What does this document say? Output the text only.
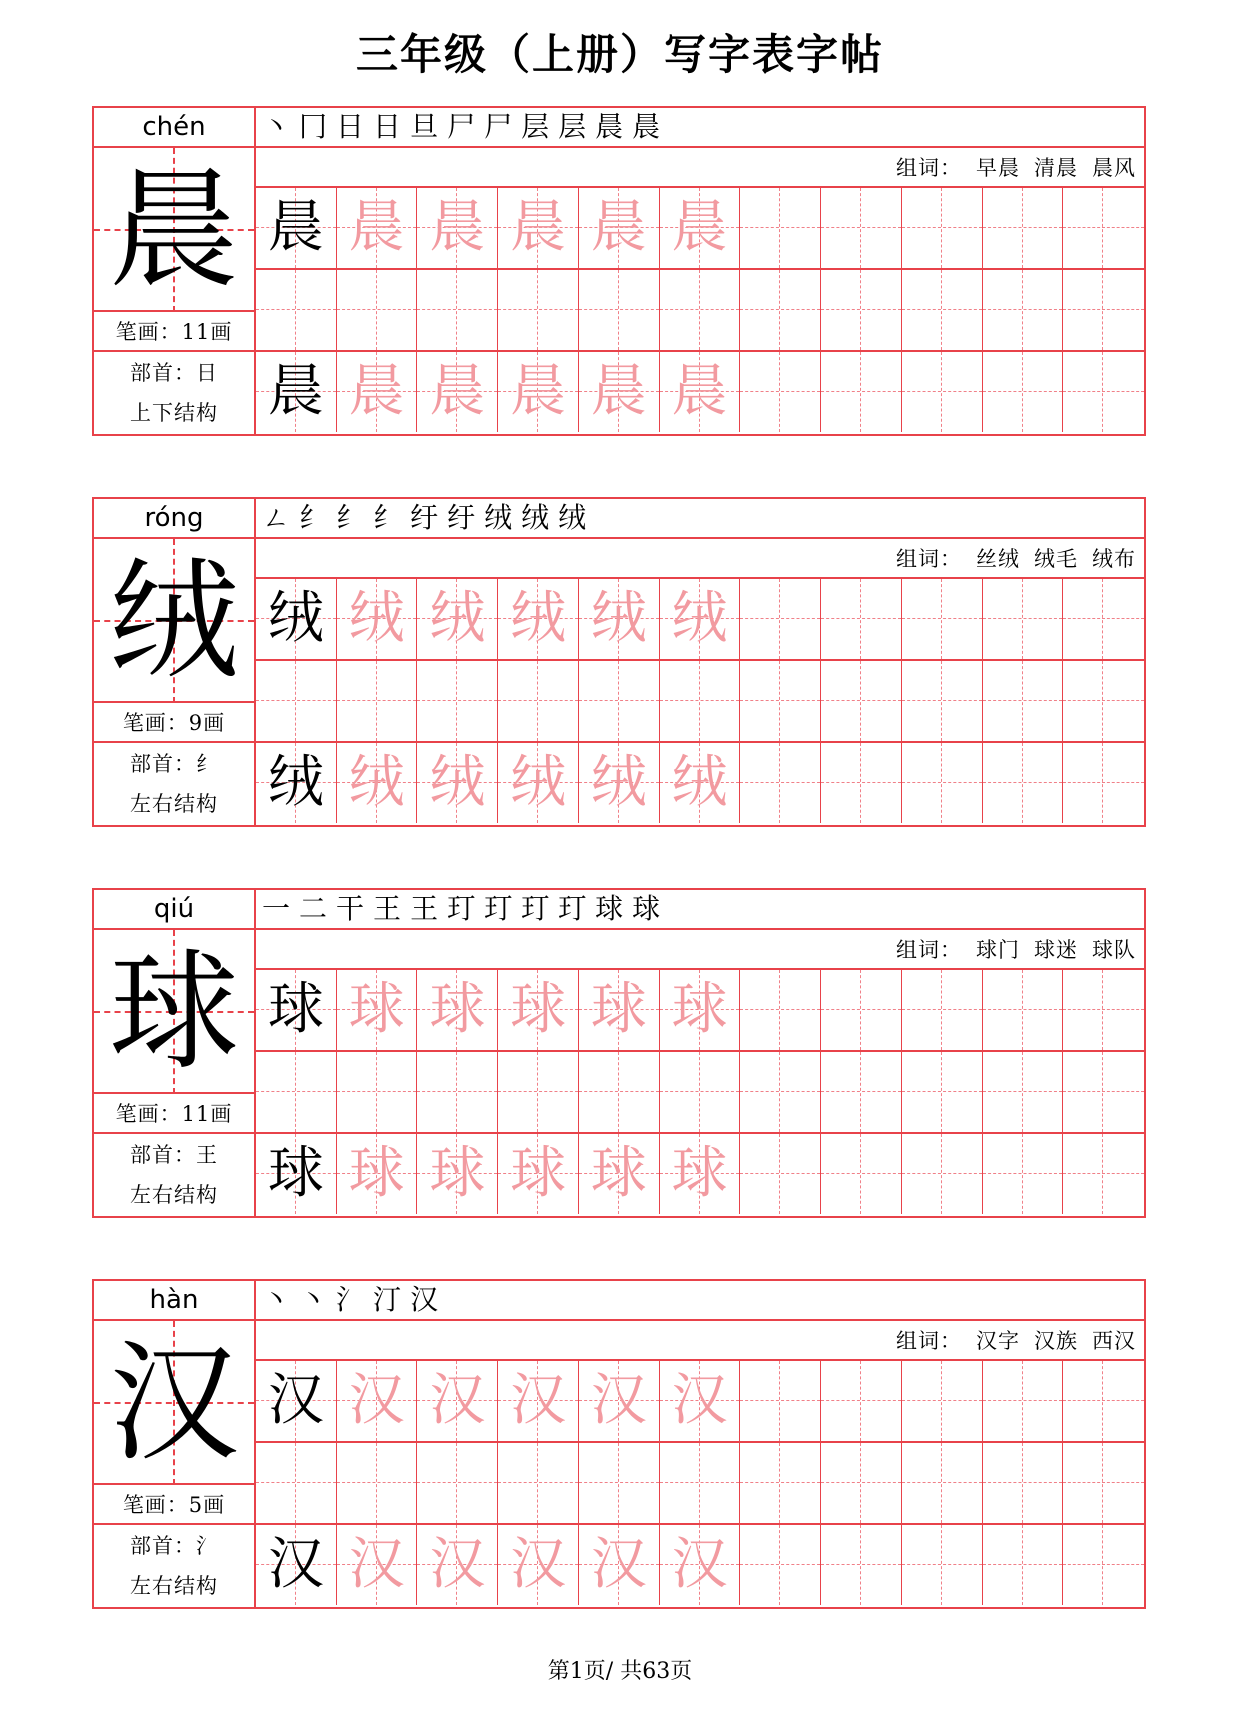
三年级（上册）写字表字帖
chén
晨
笔画：11画
部首：日
上下结构
丶 冂 日 日 旦 尸 尸 层 层 晨 晨
组词： 早晨 清晨 晨风
晨 晨 晨 晨 晨 晨
晨 晨 晨 晨 晨 晨
róng
绒
笔画：9画
部首：纟
左右结构
ㄥ 纟 纟 纟 纡 纡 绒 绒 绒
组词： 丝绒 绒毛 绒布
绒 绒 绒 绒 绒 绒
绒 绒 绒 绒 绒 绒
qiú
球
笔画：11画
部首：王
左右结构
一 二 干 王 王 玎 玎 玎 玎 球 球
组词： 球门 球迷 球队
球 球 球 球 球 球
球 球 球 球 球 球
hàn
汉
笔画：5画
部首：氵
左右结构
丶 丶 氵 汀 汉
组词： 汉字 汉族 西汉
汉 汉 汉 汉 汉 汉
汉 汉 汉 汉 汉 汉
第1页/ 共63页
